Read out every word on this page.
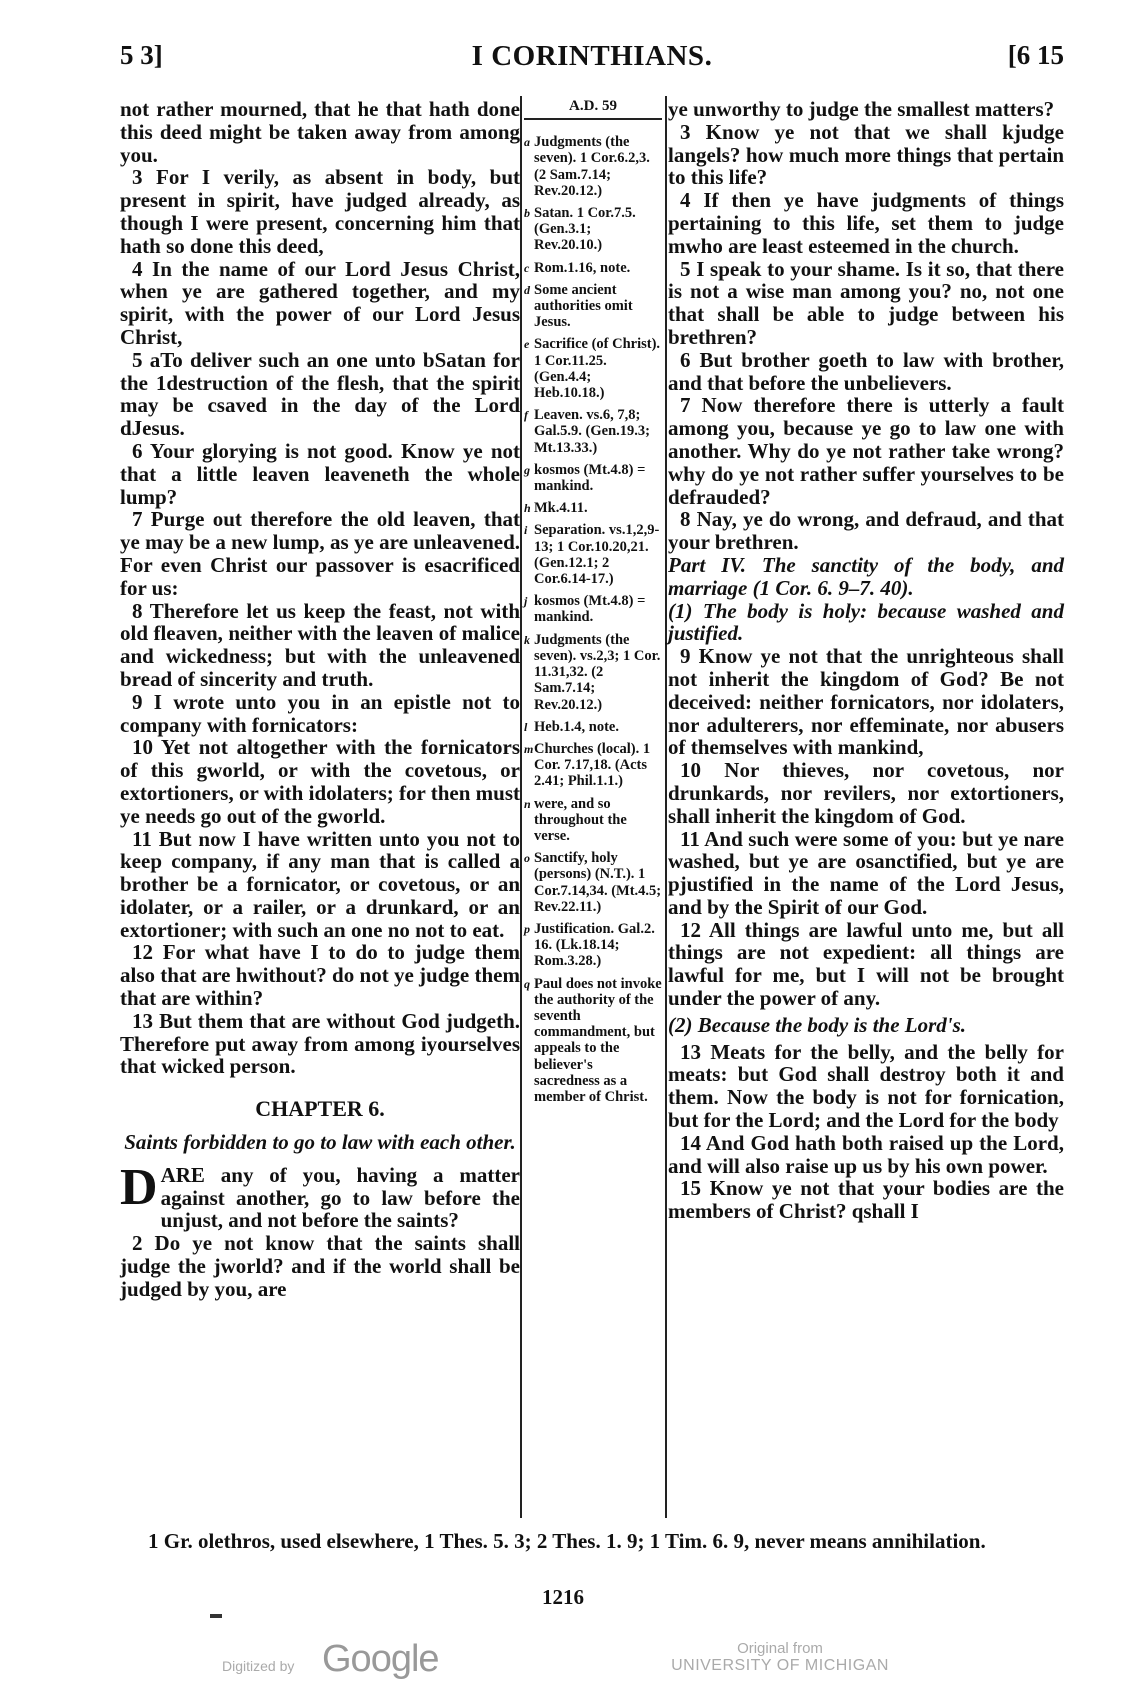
5 3]	I CORINTHIANS.	[6 15

not rather mourned, that he that hath done this deed might be taken away from among you.

3 For I verily, as absent in body, but present in spirit, have judged already, as though I were present, concerning him that hath so done this deed,

4 In the name of our Lord Jesus Christ, when ye are gathered together, and my spirit, with the power of our Lord Jesus Christ,

5 aTo deliver such an one unto bSatan for the 1destruction of the flesh, that the spirit may be csaved in the day of the Lord dJesus.

6 Your glorying is not good. Know ye not that a little leaven leaveneth the whole lump?

7 Purge out therefore the old leaven, that ye may be a new lump, as ye are unleavened. For even Christ our passover is esacrificed for us:

8 Therefore let us keep the feast, not with old fleaven, neither with the leaven of malice and wickedness; but with the unleavened bread of sincerity and truth.

9 I wrote unto you in an epistle not to company with fornicators:

10 Yet not altogether with the fornicators of this gworld, or with the covetous, or extortioners, or with idolaters; for then must ye needs go out of the gworld.

11 But now I have written unto you not to keep company, if any man that is called a brother be a fornicator, or covetous, or an idolater, or a railer, or a drunkard, or an extortioner; with such an one no not to eat.

12 For what have I to do to judge them also that are hwithout? do not ye judge them that are within?

13 But them that are without God judgeth. Therefore put away from among iyourselves that wicked person.

CHAPTER 6.
Saints forbidden to go to law with each other.

DARE any of you, having a matter against another, go to law before the unjust, and not before the saints?

2 Do ye not know that the saints shall judge the jworld? and if the world shall be judged by you, are

A.D. 59
a Judgments (the seven). 1 Cor.6.2,3. (2 Sam.7.14; Rev.20.12.)
b Satan. 1 Cor.7.5. (Gen.3.1; Rev.20.10.)
c Rom.1.16, note.
d Some ancient authorities omit Jesus.
e Sacrifice (of Christ). 1 Cor.11.25. (Gen.4.4; Heb.10.18.)
f Leaven. vs.6, 7,8; Gal.5.9. (Gen.19.3; Mt.13.33.)
g kosmos (Mt.4.8) = mankind.
h Mk.4.11.
i Separation. vs.1,2,9-13; 1 Cor.10.20,21. (Gen.12.1; 2 Cor.6.14-17.)
j kosmos (Mt.4.8) = mankind.
k Judgments (the seven). vs.2,3; 1 Cor. 11.31,32. (2 Sam.7.14; Rev.20.12.)
l Heb.1.4, note.
m Churches (local). 1 Cor. 7.17,18. (Acts 2.41; Phil.1.1.)
n were, and so throughout the verse.
o Sanctify, holy (persons) (N.T.). 1 Cor.7.14,34. (Mt.4.5; Rev.22.11.)
p Justification. Gal.2. 16. (Lk.18.14; Rom.3.28.)
q Paul does not invoke the authority of the seventh commandment, but appeals to the believer's sacredness as a member of Christ.

ye unworthy to judge the smallest matters?

3 Know ye not that we shall kjudge langels? how much more things that pertain to this life?

4 If then ye have judgments of things pertaining to this life, set them to judge mwho are least esteemed in the church.

5 I speak to your shame. Is it so, that there is not a wise man among you? no, not one that shall be able to judge between his brethren?

6 But brother goeth to law with brother, and that before the unbelievers.

7 Now therefore there is utterly a fault among you, because ye go to law one with another. Why do ye not rather take wrong? why do ye not rather suffer yourselves to be defrauded?

8 Nay, ye do wrong, and defraud, and that your brethren.

Part IV. The sanctity of the body, and marriage (1 Cor. 6. 9–7. 40).

(1) The body is holy: because washed and justified.

9 Know ye not that the unrighteous shall not inherit the kingdom of God? Be not deceived: neither fornicators, nor idolaters, nor adulterers, nor effeminate, nor abusers of themselves with mankind,

10 Nor thieves, nor covetous, nor drunkards, nor revilers, nor extortioners, shall inherit the kingdom of God.

11 And such were some of you: but ye nare washed, but ye are osanctified, but ye are pjustified in the name of the Lord Jesus, and by the Spirit of our God.

12 All things are lawful unto me, but all things are not expedient: all things are lawful for me, but I will not be brought under the power of any.

(2) Because the body is the Lord's.

13 Meats for the belly, and the belly for meats: but God shall destroy both it and them. Now the body is not for fornication, but for the Lord; and the Lord for the body

14 And God hath both raised up the Lord, and will also raise up us by his own power.

15 Know ye not that your bodies are the members of Christ? qshall I

1 Gr. olethros, used elsewhere, 1 Thes. 5. 3; 2 Thes. 1. 9; 1 Tim. 6. 9, never means annihilation.
1216
Digitized by Google	Original from
UNIVERSITY OF MICHIGAN
